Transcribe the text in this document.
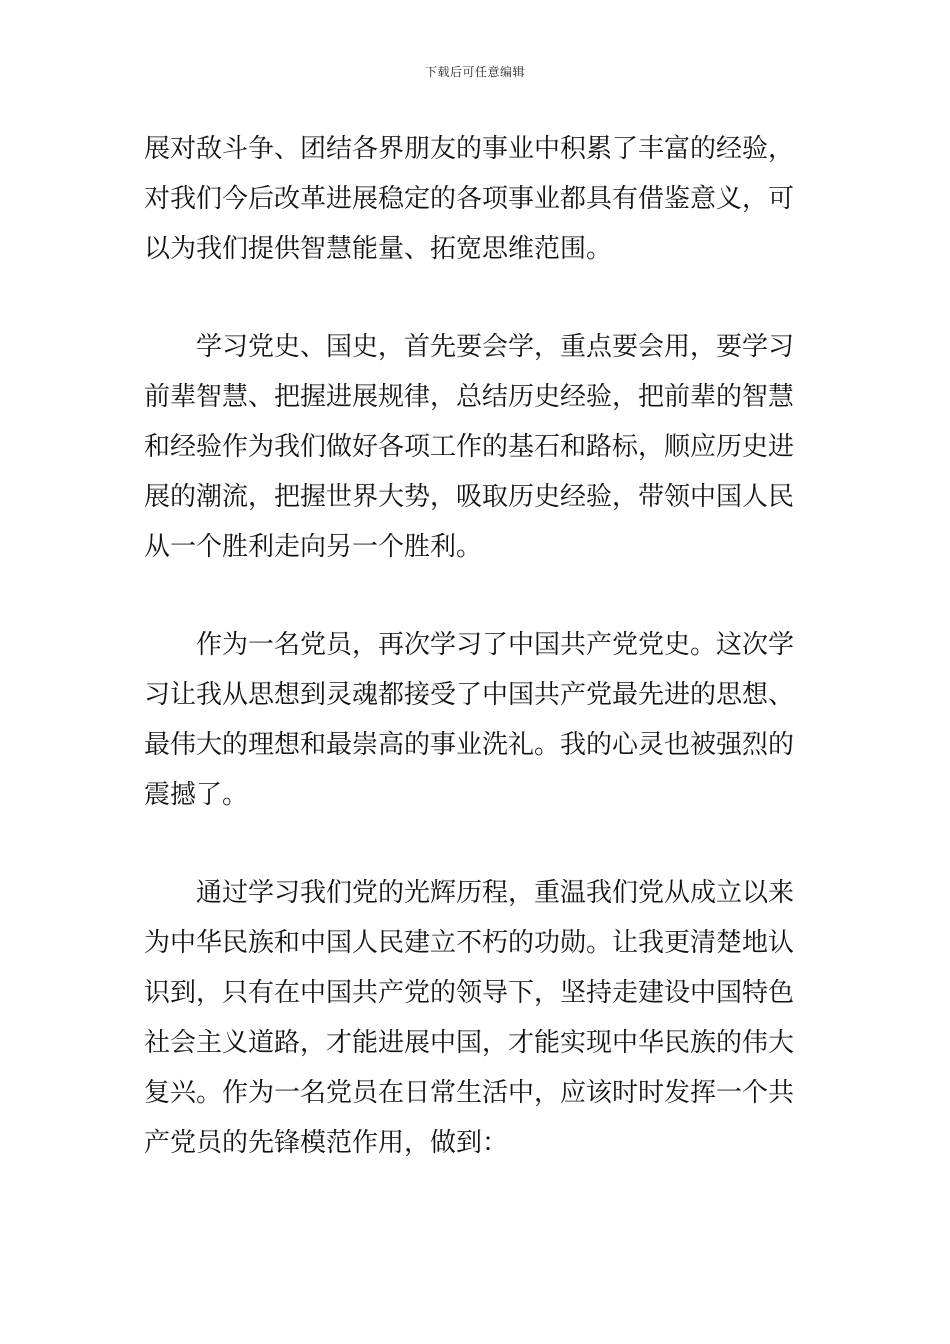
下载后可任意编辑
展对敌斗争、团结各界朋友的事业中积累了丰富的经验，
对我们今后改革进展稳定的各项事业都具有借鉴意义，可
以为我们提供智慧能量、拓宽思维范围。
学习党史、国史，首先要会学，重点要会用，要学习
前辈智慧、把握进展规律，总结历史经验，把前辈的智慧
和经验作为我们做好各项工作的基石和路标，顺应历史进
展的潮流，把握世界大势，吸取历史经验，带领中国人民
从一个胜利走向另一个胜利。
作为一名党员，再次学习了中国共产党党史。这次学
习让我从思想到灵魂都接受了中国共产党最先进的思想、
最伟大的理想和最崇高的事业洗礼。我的心灵也被强烈的
震撼了。
通过学习我们党的光辉历程，重温我们党从成立以来
为中华民族和中国人民建立不朽的功勋。让我更清楚地认
识到，只有在中国共产党的领导下，坚持走建设中国特色
社会主义道路，才能进展中国，才能实现中华民族的伟大
复兴。作为一名党员在日常生活中，应该时时发挥一个共
产党员的先锋模范作用，做到：
